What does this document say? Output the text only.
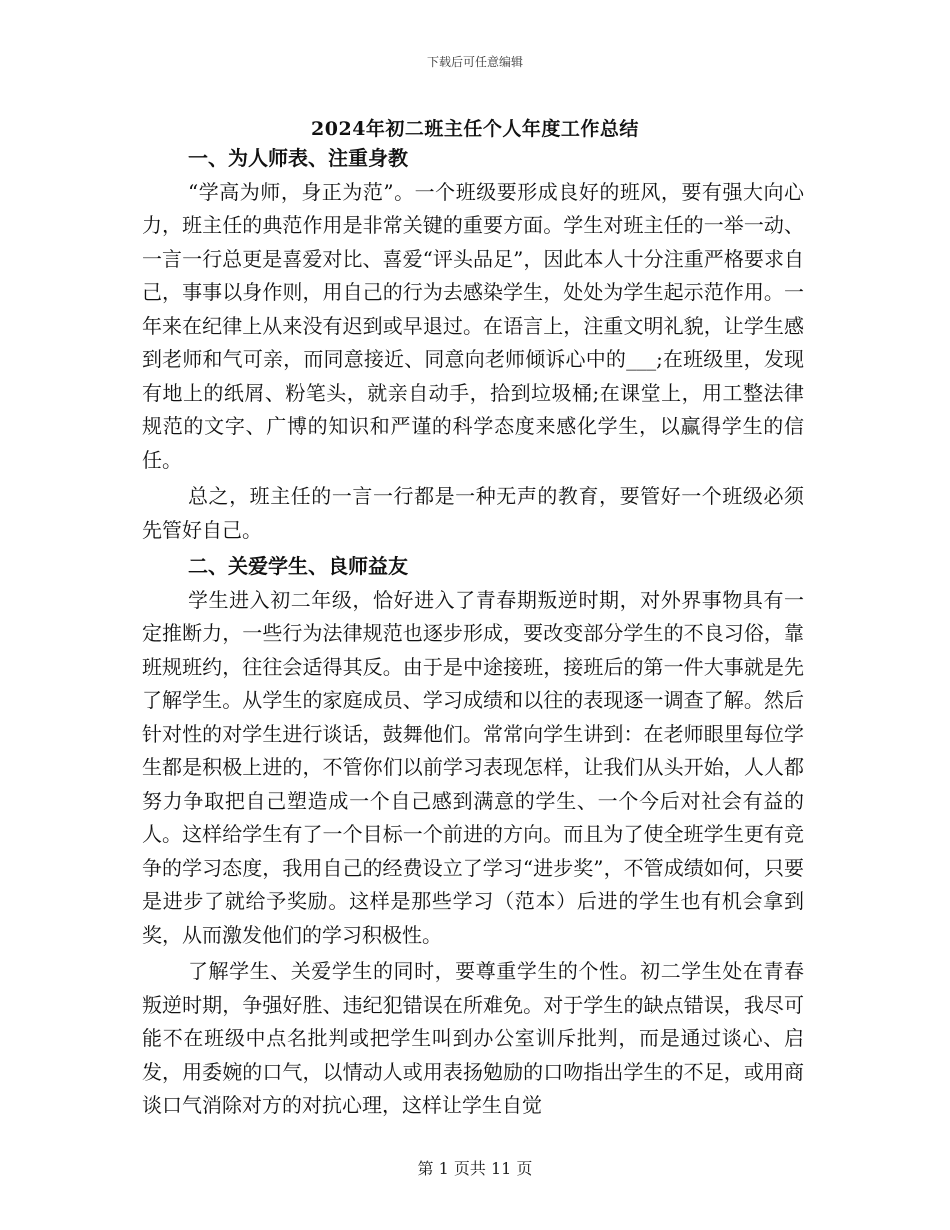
下载后可任意编辑
2024年初二班主任个人年度工作总结
一、为人师表、注重身教

“学高为师，身正为范”。一个班级要形成良好的班风，要有强大向心力，班主任的典范作用是非常关键的重要方面。学生对班主任的一举一动、一言一行总更是喜爱对比、喜爱“评头品足”，因此本人十分注重严格要求自己，事事以身作则，用自己的行为去感染学生，处处为学生起示范作用。一年来在纪律上从来没有迟到或早退过。在语言上，注重文明礼貌，让学生感到老师和气可亲，而同意接近、同意向老师倾诉心中的___;在班级里，发现有地上的纸屑、粉笔头，就亲自动手，拾到垃圾桶;在课堂上，用工整法律规范的文字、广博的知识和严谨的科学态度来感化学生，以赢得学生的信任。

总之，班主任的一言一行都是一种无声的教育，要管好一个班级必须先管好自己。

二、关爱学生、良师益友

学生进入初二年级，恰好进入了青春期叛逆时期，对外界事物具有一定推断力，一些行为法律规范也逐步形成，要改变部分学生的不良习俗，靠班规班约，往往会适得其反。由于是中途接班，接班后的第一件大事就是先了解学生。从学生的家庭成员、学习成绩和以往的表现逐一调查了解。然后针对性的对学生进行谈话，鼓舞他们。常常向学生讲到：在老师眼里每位学生都是积极上进的，不管你们以前学习表现怎样，让我们从头开始，人人都努力争取把自己塑造成一个自己感到满意的学生、一个今后对社会有益的人。这样给学生有了一个目标一个前进的方向。而且为了使全班学生更有竞争的学习态度，我用自己的经费设立了学习“进步奖”，不管成绩如何，只要是进步了就给予奖励。这样是那些学习（范本）后进的学生也有机会拿到奖，从而激发他们的学习积极性。

了解学生、关爱学生的同时，要尊重学生的个性。初二学生处在青春叛逆时期，争强好胜、违纪犯错误在所难免。对于学生的缺点错误，我尽可能不在班级中点名批判或把学生叫到办公室训斥批判，而是通过谈心、启发，用委婉的口气，以情动人或用表扬勉励的口吻指出学生的不足，或用商谈口气消除对方的对抗心理，这样让学生自觉

第 1 页共 11 页
